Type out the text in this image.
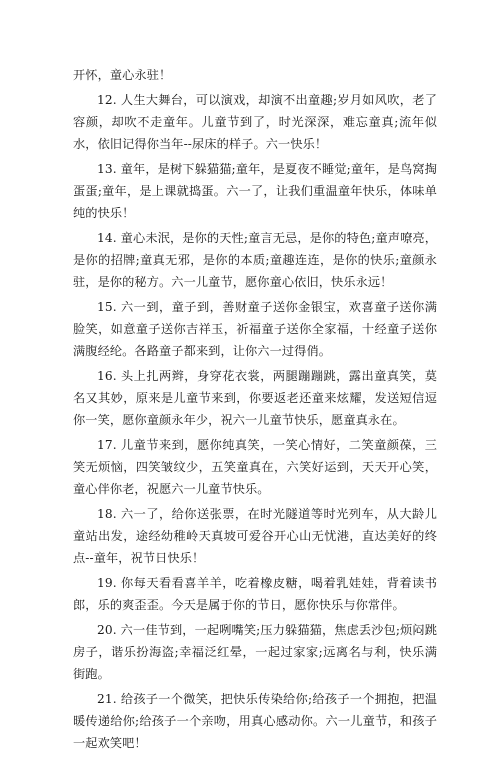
开怀，童心永驻！

12. 人生大舞台，可以演戏，却演不出童趣;岁月如风吹，老了容颜，却吹不走童年。儿童节到了，时光深深，难忘童真;流年似水，依旧记得你当年--尿床的样子。六一快乐！

13. 童年，是树下躲猫猫;童年，是夏夜不睡觉;童年，是鸟窝掏蛋蛋;童年，是上课就捣蛋。六一了，让我们重温童年快乐，体味单纯的快乐！

14. 童心未泯，是你的天性;童言无忌，是你的特色;童声嘹亮，是你的招牌;童真无邪，是你的本质;童趣连连，是你的快乐;童颜永驻，是你的秘方。六一儿童节，愿你童心依旧，快乐永远！

15. 六一到，童子到，善财童子送你金银宝，欢喜童子送你满脸笑，如意童子送你吉祥玉，祈福童子送你全家福，十经童子送你满腹经纶。各路童子都来到，让你六一过得俏。

16. 头上扎两辫，身穿花衣裳，两腿蹦蹦跳，露出童真笑，莫名又其妙，原来是儿童节来到，你要返老还童来炫耀，发送短信逗你一笑，愿你童颜永年少，祝六一儿童节快乐，愿童真永在。

17. 儿童节来到，愿你纯真笑，一笑心情好，二笑童颜葆，三笑无烦恼，四笑皱纹少，五笑童真在，六笑好运到，天天开心笑，童心伴你老，祝愿六一儿童节快乐。

18. 六一了，给你送张票，在时光隧道等时光列车，从大龄儿童站出发，途经幼稚岭天真坡可爱谷开心山无忧港，直达美好的终点--童年，祝节日快乐！

19. 你每天看看喜羊羊，吃着橡皮糖，喝着乳娃娃，背着读书郎，乐的爽歪歪。今天是属于你的节日，愿你快乐与你常伴。

20. 六一佳节到，一起咧嘴笑;压力躲猫猫，焦虑丢沙包;烦闷跳房子，谐乐扮海盗;幸福泛红晕，一起过家家;远离名与利，快乐满街跑。

21. 给孩子一个微笑，把快乐传染给你;给孩子一个拥抱，把温暖传递给你;给孩子一个亲吻，用真心感动你。六一儿童节，和孩子一起欢笑吧！
